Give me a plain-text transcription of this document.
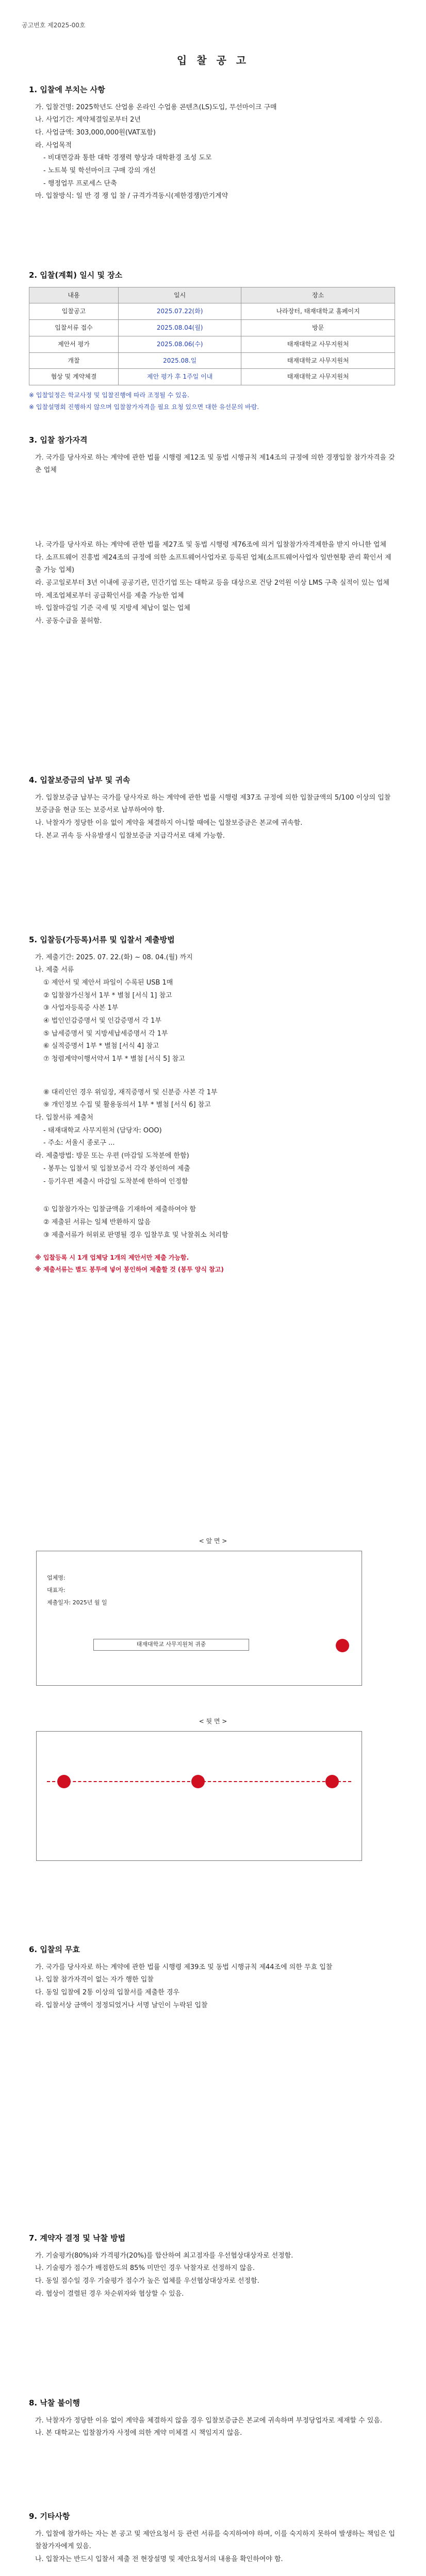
공고번호 제2025-00호
입 찰 공 고
1. 입찰에 부치는 사항

가. 입찰건명: 2025학년도 산업용 온라인 수업용 콘텐츠(LS)도입, 무선마이크 구매

나. 사업기간: 계약체결일로부터 2년

다. 사업금액: 303,000,000원(VAT포함)

라. 사업목적

- 비대면강좌 통한 대학 경쟁력 향상과 대학환경 조성 도모

- 노트북 및 학선마이크 구매 강의 개선

- 행정업무 프로세스 단축

마. 입찰방식: 일 반 경 쟁 입 찰 / 규격가격동시(제한경쟁)만기계약

2. 입찰(계획) 일시 및 장소
내용	일시	장소
입찰공고	2025.07.22(화)	나라장터, 태재대학교 홈페이지
입찰서류 접수	2025.08.04(월)	방문
제안서 평가	2025.08.06(수)	태재대학교 사무지원처
개찰	2025.08.일	태재대학교 사무지원처
협상 및 계약체결	제안 평가 후 1주일 이내	태재대학교 사무지원처

※ 입찰일정은 학교사정 및 입찰진행에 따라 조정될 수 있음.

※ 입찰설명회 진행하지 않으며 입찰참가자격을 필요 요청 있으면 대한 유선문의 바람.

3. 입찰 참가자격

가. 국가를 당사자로 하는 계약에 관한 법률 시행령 제12조 및 동법 시행규칙 제14조의 규정에 의한 경쟁입찰 참가자격을 갖춘 업체

나. 국가를 당사자로 하는 계약에 관한 법률 제27조 및 동법 시행령 제76조에 의거 입찰참가자격제한을 받지 아니한 업체

다. 소프트웨어 진흥법 제24조의 규정에 의한 소프트웨어사업자로 등록된 업체(소프트웨어사업자 일반현황 관리 확인서 제출 가능 업체)

라. 공고일로부터 3년 이내에 공공기관, 민간기업 또는 대학교 등을 대상으로 건당 2억원 이상 LMS 구축 실적이 있는 업체

마. 제조업체로부터 공급확인서를 제출 가능한 업체

바. 입찰마감일 기준 국세 및 지방세 체납이 없는 업체

사. 공동수급을 불허함.

4. 입찰보증금의 납부 및 귀속

가. 입찰보증금 납부는 국가를 당사자로 하는 계약에 관한 법률 시행령 제37조 규정에 의한 입찰금액의 5/100 이상의 입찰보증금을 현금 또는 보증서로 납부하여야 함.

나. 낙찰자가 정당한 이유 없이 계약을 체결하지 아니할 때에는 입찰보증금은 본교에 귀속함.

다. 본교 귀속 등 사유발생시 입찰보증금 지급각서로 대체 가능함.

5. 입찰등(가등록)서류 및 입찰서 제출방법

가. 제출기간: 2025. 07. 22.(화) ~ 08. 04.(월) 까지

나. 제출 서류

① 제안서 및 제안서 파일이 수록된 USB 1매

② 입찰참가신청서 1부 * 별첨 [서식 1] 참고

③ 사업자등록증 사본 1부

④ 법인인감증명서 및 인감증명서 각 1부

⑤ 납세증명서 및 지방세납세증명서 각 1부

⑥ 실적증명서 1부 * 별첨 [서식 4] 참고

⑦ 청렴계약이행서약서 1부 * 별첨 [서식 5] 참고

⑧ 대리인인 경우 위임장, 재직증명서 및 신분증 사본 각 1부

⑨ 개인정보 수집 및 활용동의서 1부 * 별첨 [서식 6] 참고

다. 입찰서류 제출처

- 태재대학교 사무지원처 (담당자: OOO)

- 주소: 서울시 종로구 ...

라. 제출방법: 방문 또는 우편 (마감일 도착분에 한함)

- 봉투는 입찰서 및 입찰보증서 각각 봉인하여 제출

- 등기우편 제출시 마감일 도착분에 한하여 인정함

① 입찰참가자는 입찰금액을 기재하여 제출하여야 함

② 제출된 서류는 일체 반환하지 않음

③ 제출서류가 허위로 판명될 경우 입찰무효 및 낙찰취소 처리함

※ 입찰등록 시 1개 업체당 1개의 제안서만 제출 가능함.

※ 제출서류는 별도 봉투에 넣어 봉인하여 제출할 것 (봉투 양식 참고)

< 앞 면 >
업체명:
대표자:
제출일자: 2025년 월 일
태재대학교 사무지원처 귀중
< 뒷 면 >
6. 입찰의 무효

가. 국가를 당사자로 하는 계약에 관한 법률 시행령 제39조 및 동법 시행규칙 제44조에 의한 무효 입찰

나. 입찰 참가자격이 없는 자가 행한 입찰

다. 동일 입찰에 2통 이상의 입찰서를 제출한 경우

라. 입찰서상 금액이 정정되었거나 서명 날인이 누락된 입찰

7. 계약자 결정 및 낙찰 방법

가. 기술평가(80%)와 가격평가(20%)를 합산하여 최고점자를 우선협상대상자로 선정함.

나. 기술평가 점수가 배점한도의 85% 미만인 경우 낙찰자로 선정하지 않음.

다. 동일 점수일 경우 기술평가 점수가 높은 업체를 우선협상대상자로 선정함.

라. 협상이 결렬된 경우 차순위자와 협상할 수 있음.

8. 낙찰 불이행

가. 낙찰자가 정당한 이유 없이 계약을 체결하지 않을 경우 입찰보증금은 본교에 귀속하며 부정당업자로 제재할 수 있음.

나. 본 대학교는 입찰참가자 사정에 의한 계약 미체결 시 책임지지 않음.

9. 기타사항

가. 입찰에 참가하는 자는 본 공고 및 제안요청서 등 관련 서류를 숙지하여야 하며, 이를 숙지하지 못하여 발생하는 책임은 입찰참가자에게 있음.

나. 입찰자는 반드시 입찰서 제출 전 현장설명 및 제안요청서의 내용을 확인하여야 함.
